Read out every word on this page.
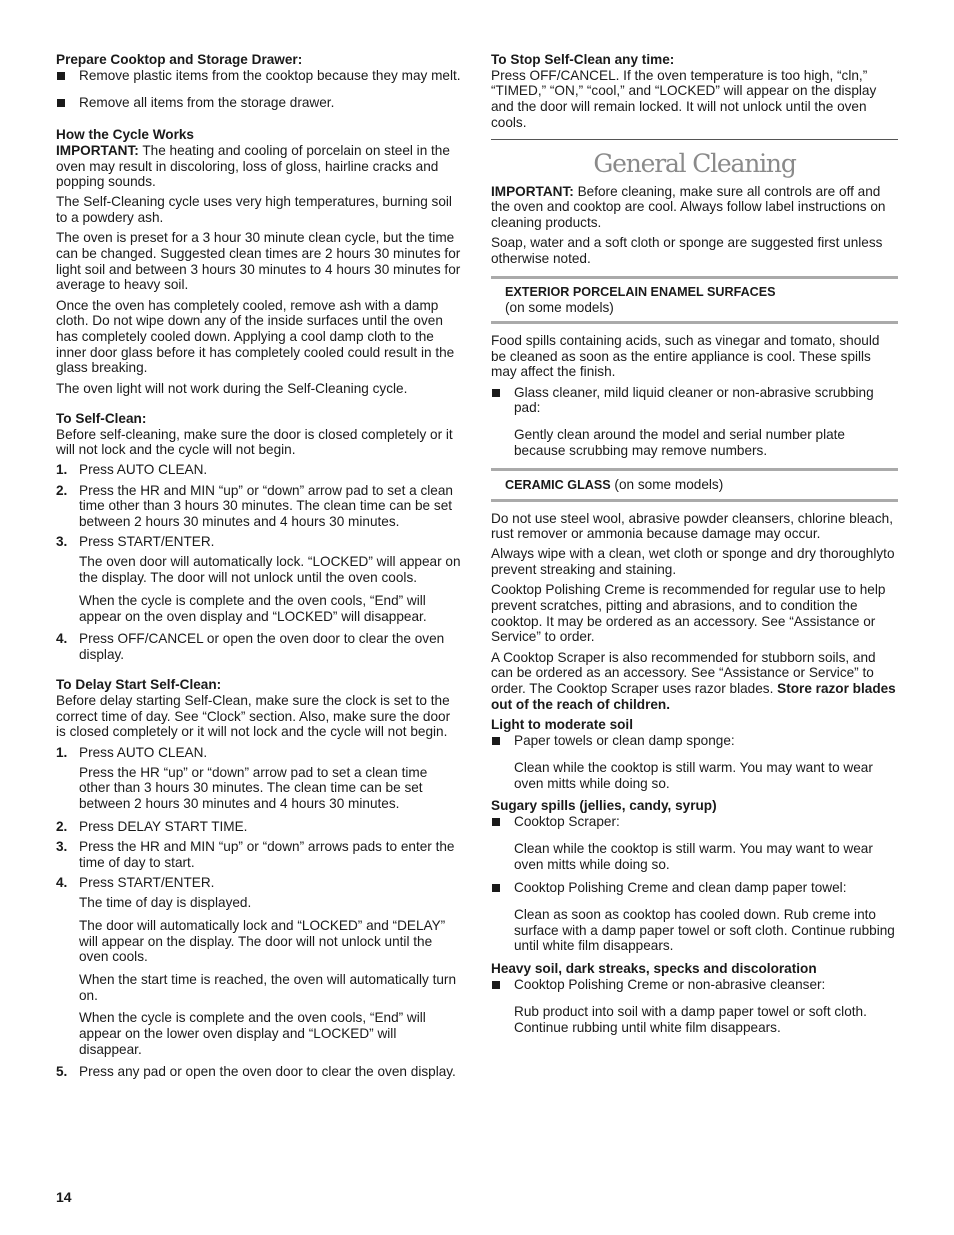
Prepare Cooktop and Storage Drawer:

Remove plastic items from the cooktop because they may melt.
Remove all items from the storage drawer.

How the Cycle Works

IMPORTANT: The heating and cooling of porcelain on steel in the oven may result in discoloring, loss of gloss, hairline cracks and popping sounds.

The Self-Cleaning cycle uses very high temperatures, burning soil to a powdery ash.

The oven is preset for a 3 hour 30 minute clean cycle, but the time can be changed. Suggested clean times are 2 hours 30 minutes for light soil and between 3 hours 30 minutes to 4 hours 30 minutes for average to heavy soil.

Once the oven has completely cooled, remove ash with a damp cloth. Do not wipe down any of the inside surfaces until the oven has completely cooled down. Applying a cool damp cloth to the inner door glass before it has completely cooled could result in the glass breaking.

The oven light will not work during the Self-Cleaning cycle.

To Self-Clean:

Before self-cleaning, make sure the door is closed completely or it will not lock and the cycle will not begin.

1. Press AUTO CLEAN.
2. Press the HR and MIN “up” or “down” arrow pad to set a clean time other than 3 hours 30 minutes. The clean time can be set between 2 hours 30 minutes and 4 hours 30 minutes.
3. Press START/ENTER.
The oven door will automatically lock. “LOCKED” will appear on the display. The door will not unlock until the oven cools.
When the cycle is complete and the oven cools, “End” will appear on the oven display and “LOCKED” will disappear.
4. Press OFF/CANCEL or open the oven door to clear the oven display.

To Delay Start Self-Clean:

Before delay starting Self-Clean, make sure the clock is set to the correct time of day. See “Clock” section. Also, make sure the door is closed completely or it will not lock and the cycle will not begin.

1. Press AUTO CLEAN.
Press the HR “up” or “down” arrow pad to set a clean time other than 3 hours 30 minutes. The clean time can be set between 2 hours 30 minutes and 4 hours 30 minutes.
2. Press DELAY START TIME.
3. Press the HR and MIN “up” or “down” arrows pads to enter the time of day to start.
4. Press START/ENTER.
The time of day is displayed.
The door will automatically lock and “LOCKED” and “DELAY” will appear on the display. The door will not unlock until the oven cools.
When the start time is reached, the oven will automatically turn on.
When the cycle is complete and the oven cools, “End” will appear on the lower oven display and “LOCKED” will disappear.
5. Press any pad or open the oven door to clear the oven display.
14

To Stop Self-Clean any time:

Press OFF/CANCEL. If the oven temperature is too high, “cln,” “TIMED,” “ON,” “cool,” and “LOCKED” will appear on the display and the door will remain locked. It will not unlock until the oven cools.

General Cleaning

IMPORTANT: Before cleaning, make sure all controls are off and the oven and cooktop are cool. Always follow label instructions on cleaning products.

Soap, water and a soft cloth or sponge are suggested first unless otherwise noted.

EXTERIOR PORCELAIN ENAMEL SURFACES
(on some models)

Food spills containing acids, such as vinegar and tomato, should be cleaned as soon as the entire appliance is cool. These spills may affect the finish.

Glass cleaner, mild liquid cleaner or non-abrasive scrubbing pad:
Gently clean around the model and serial number plate because scrubbing may remove numbers.
CERAMIC GLASS (on some models)

Do not use steel wool, abrasive powder cleansers, chlorine bleach, rust remover or ammonia because damage may occur.

Always wipe with a clean, wet cloth or sponge and dry thoroughlyto prevent streaking and staining.

Cooktop Polishing Creme is recommended for regular use to help prevent scratches, pitting and abrasions, and to condition the cooktop. It may be ordered as an accessory. See “Assistance or Service” to order.

A Cooktop Scraper is also recommended for stubborn soils, and can be ordered as an accessory. See “Assistance or Service” to order. The Cooktop Scraper uses razor blades. Store razor blades out of the reach of children.

Light to moderate soil

Paper towels or clean damp sponge:
Clean while the cooktop is still warm. You may want to wear oven mitts while doing so.

Sugary spills (jellies, candy, syrup)

Cooktop Scraper:
Clean while the cooktop is still warm. You may want to wear oven mitts while doing so.
Cooktop Polishing Creme and clean damp paper towel:
Clean as soon as cooktop has cooled down. Rub creme into surface with a damp paper towel or soft cloth. Continue rubbing until white film disappears.

Heavy soil, dark streaks, specks and discoloration

Cooktop Polishing Creme or non-abrasive cleanser:
Rub product into soil with a damp paper towel or soft cloth. Continue rubbing until white film disappears.
